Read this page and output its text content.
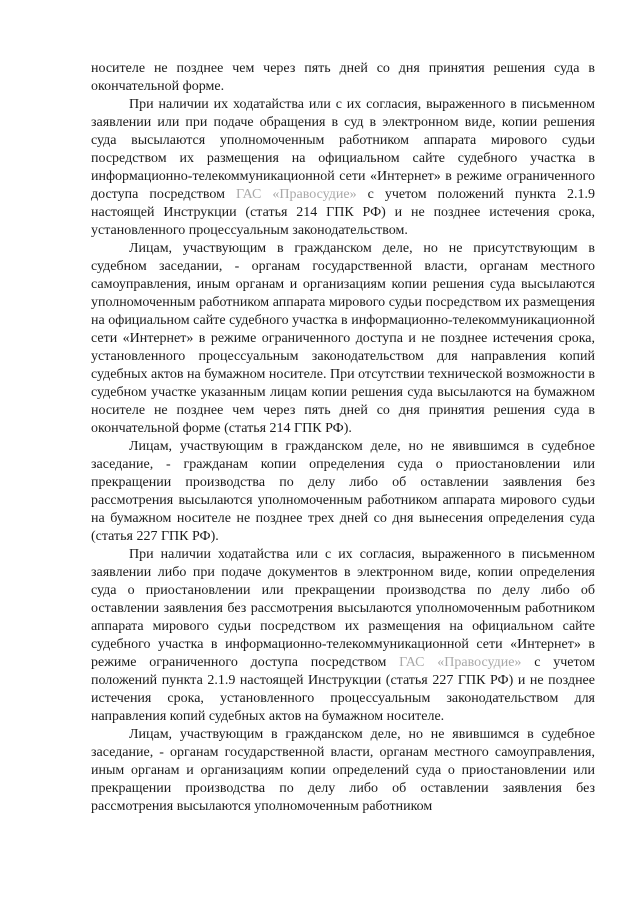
носителе не позднее чем через пять дней со дня принятия решения суда в окончательной форме.

При наличии их ходатайства или с их согласия, выраженного в письменном заявлении или при подаче обращения в суд в электронном виде, копии решения суда высылаются уполномоченным работником аппарата мирового судьи посредством их размещения на официальном сайте судебного участка в информационно-телекоммуникационной сети «Интернет» в режиме ограниченного доступа посредством ГАС «Правосудие» с учетом положений пункта 2.1.9 настоящей Инструкции (статья 214 ГПК РФ) и не позднее истечения срока, установленного процессуальным законодательством.

Лицам, участвующим в гражданском деле, но не присутствующим в судебном заседании, - органам государственной власти, органам местного самоуправления, иным органам и организациям копии решения суда высылаются уполномоченным работником аппарата мирового судьи посредством их размещения на официальном сайте судебного участка в информационно-телекоммуникационной сети «Интернет» в режиме ограниченного доступа и не позднее истечения срока, установленного процессуальным законодательством для направления копий судебных актов на бумажном носителе. При отсутствии технической возможности в судебном участке указанным лицам копии решения суда высылаются на бумажном носителе не позднее чем через пять дней со дня принятия решения суда в окончательной форме (статья 214 ГПК РФ).

Лицам, участвующим в гражданском деле, но не явившимся в судебное заседание, - гражданам копии определения суда о приостановлении или прекращении производства по делу либо об оставлении заявления без рассмотрения высылаются уполномоченным работником аппарата мирового судьи на бумажном носителе не позднее трех дней со дня вынесения определения суда (статья 227 ГПК РФ).

При наличии ходатайства или с их согласия, выраженного в письменном заявлении либо при подаче документов в электронном виде, копии определения суда о приостановлении или прекращении производства по делу либо об оставлении заявления без рассмотрения высылаются уполномоченным работником аппарата мирового судьи посредством их размещения на официальном сайте судебного участка в информационно-телекоммуникационной сети «Интернет» в режиме ограниченного доступа посредством ГАС «Правосудие» с учетом положений пункта 2.1.9 настоящей Инструкции (статья 227 ГПК РФ) и не позднее истечения срока, установленного процессуальным законодательством для направления копий судебных актов на бумажном носителе.

Лицам, участвующим в гражданском деле, но не явившимся в судебное заседание, - органам государственной власти, органам местного самоуправления, иным органам и организациям копии определений суда о приостановлении или прекращении производства по делу либо об оставлении заявления без рассмотрения высылаются уполномоченным работником
